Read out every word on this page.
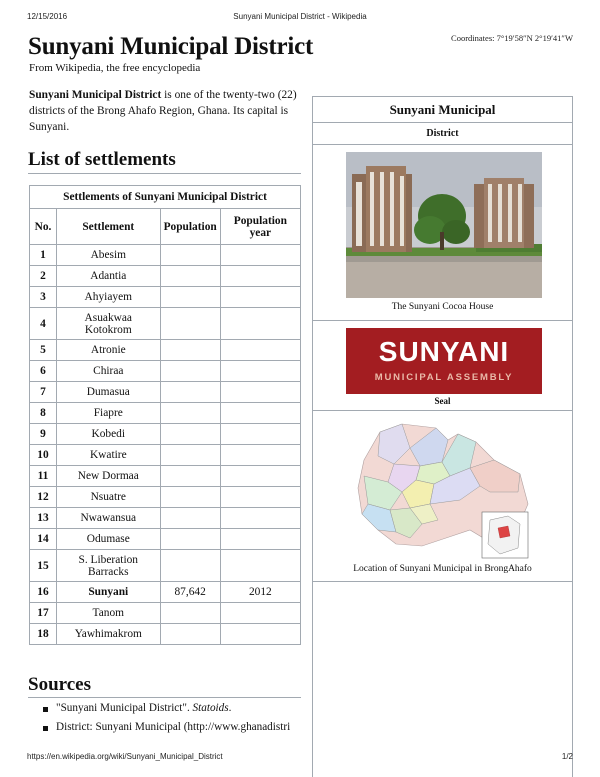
12/15/2016	Sunyani Municipal District - Wikipedia
Coordinates: 7°19′58″N 2°19′41″W
Sunyani Municipal District
From Wikipedia, the free encyclopedia
Sunyani Municipal District is one of the twenty-two (22) districts of the Brong Ahafo Region, Ghana. Its capital is Sunyani.
List of settlements
Settlements of Sunyani Municipal District			
No.	Settlement	Population	Population year
1	Abesim		
2	Adantia		
3	Ahyiayem		
4	Asuakwaa Kotokrom		
5	Atronie		
6	Chiraa		
7	Dumasua		
8	Fiapre		
9	Kobedi		
10	Kwatire		
11	New Dormaa		
12	Nsuatre		
13	Nwawansua		
14	Odumase		
15	S. Liberation Barracks		
16	Sunyani	87,642	2012
17	Tanom		
18	Yawhimakrom		
Sources
"Sunyani Municipal District". Statoids.
District: Sunyani Municipal (http://www.ghanadistri
Sunyani Municipal
District
The Sunyani Cocoa House
SUNYANI
MUNICIPAL ASSEMBLY
Seal
Location of Sunyani Municipal in BrongAhafo
https://en.wikipedia.org/wiki/Sunyani_Municipal_District	1/2
